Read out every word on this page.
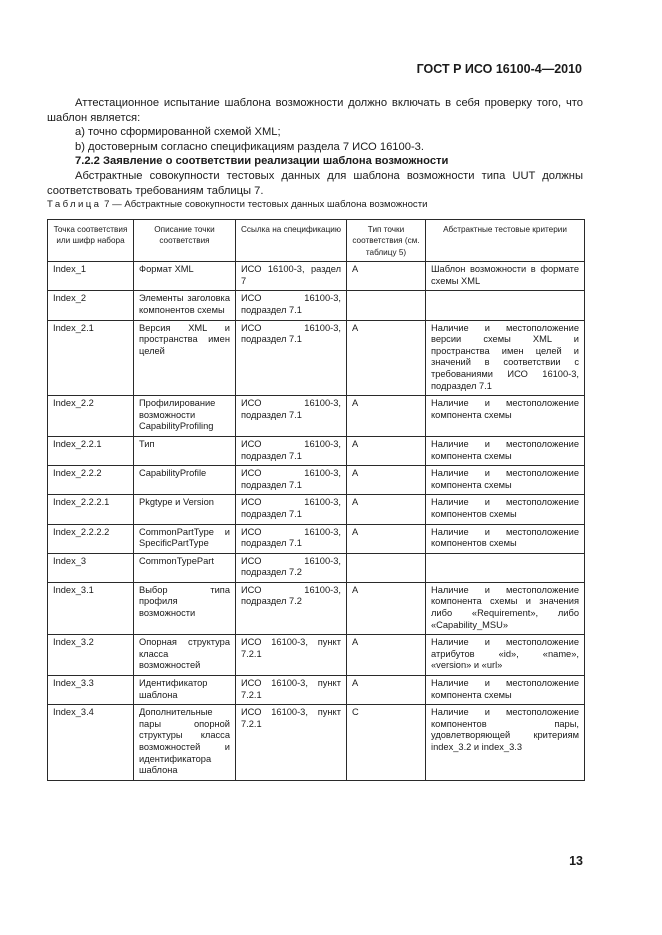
ГОСТ Р ИСО 16100-4—2010

Аттестационное испытание шаблона возможности должно включать в себя проверку того, что шаблон является:

а) точно сформированной схемой XML;

b) достоверным согласно спецификациям раздела 7 ИСО 16100-3.

7.2.2 Заявление о соответствии реализации шаблона возможности

Абстрактные совокупности тестовых данных для шаблона возможности типа UUT должны соответствовать требованиям таблицы 7.

Таблица 7 — Абстрактные совокупности тестовых данных шаблона возможности
Точка соответствия или шифр набора	Описание точки соответствия	Ссылка на спецификацию	Тип точки соответствия (см. таблицу 5)	Абстрактные тестовые критерии
Index_1	Формат XML	ИСО 16100-3, раздел 7	A	Шаблон возможности в формате схемы XML
Index_2	Элементы заголовка компонентов схемы	ИСО 16100-3, подраздел 7.1		
Index_2.1	Версия XML и пространства имен целей	ИСО 16100-3, подраздел 7.1	A	Наличие и местоположение версии схемы XML и пространства имен целей и значений в соответствии с требованиями ИСО 16100-3, подраздел 7.1
Index_2.2	Профилирование возможности CapabilityProfiling	ИСО 16100-3, подраздел 7.1	A	Наличие и местоположение компонента схемы
Index_2.2.1	Тип	ИСО 16100-3, подраздел 7.1	A	Наличие и местоположение компонента схемы
Index_2.2.2	CapabilityProfile	ИСО 16100-3, подраздел 7.1	A	Наличие и местоположение компонента схемы
Index_2.2.2.1	Pkgtype и Version	ИСО 16100-3, подраздел 7.1	A	Наличие и местоположение компонентов схемы
Index_2.2.2.2	CommonPartType и SpecificPartType	ИСО 16100-3, подраздел 7.1	A	Наличие и местоположение компонентов схемы
Index_3	CommonTypePart	ИСО 16100-3, подраздел 7.2		
Index_3.1	Выбор типа профиля возможности	ИСО 16100-3, подраздел 7.2	A	Наличие и местоположение компонента схемы и значения либо «Requirement», либо «Capability_MSU»
Index_3.2	Опорная структура класса возможностей	ИСО 16100-3, пункт 7.2.1	A	Наличие и местоположение атрибутов «id», «name», «version» и «url»
Index_3.3	Идентификатор шаблона	ИСО 16100-3, пункт 7.2.1	A	Наличие и местоположение компонента схемы
Index_3.4	Дополнительные пары опорной структуры класса возможностей и идентификатора шаблона	ИСО 16100-3, пункт 7.2.1	C	Наличие и местоположение компонентов пары, удовлетворяющей критериям index_3.2 и index_3.3
13
